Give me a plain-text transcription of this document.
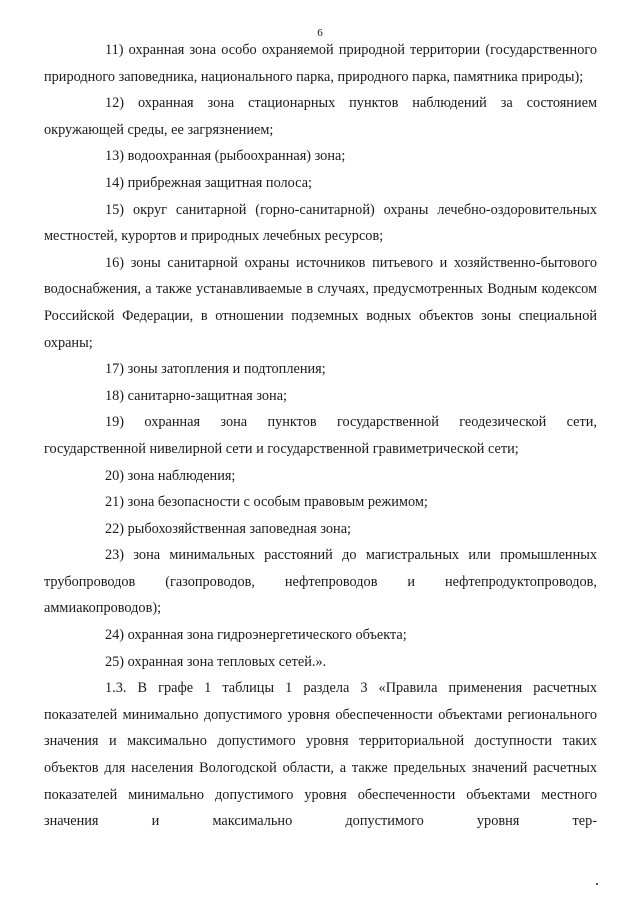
6

11) охранная зона особо охраняемой природной территории (государственного природного заповедника, национального парка, природного парка, памятника природы);

12) охранная зона стационарных пунктов наблюдений за состоянием окружающей среды, ее загрязнением;

13) водоохранная (рыбоохранная) зона;

14) прибрежная защитная полоса;

15) округ санитарной (горно-санитарной) охраны лечебно-оздоровительных местностей, курортов и природных лечебных ресурсов;

16) зоны санитарной охраны источников питьевого и хозяйственно-бытового водоснабжения, а также устанавливаемые в случаях, предусмотренных Водным кодексом Российской Федерации, в отношении подземных водных объектов зоны специальной охраны;

17) зоны затопления и подтопления;

18) санитарно-защитная зона;

19) охранная зона пунктов государственной геодезической сети, государственной нивелирной сети и государственной гравиметрической сети;

20) зона наблюдения;

21) зона безопасности с особым правовым режимом;

22) рыбохозяйственная заповедная зона;

23) зона минимальных расстояний до магистральных или промышленных трубопроводов (газопроводов, нефтепроводов и нефтепродуктопроводов, аммиакопроводов);

24) охранная зона гидроэнергетического объекта;

25) охранная зона тепловых сетей.».

1.3. В графе 1 таблицы 1 раздела 3 «Правила применения расчетных показателей минимально допустимого уровня обеспеченности объектами регионального значения и максимально допустимого уровня территориальной доступности таких объектов для населения Вологодской области, а также предельных значений расчетных показателей минимально допустимого уровня обеспеченности объектами местного значения и максимально допустимого уровня тер-
